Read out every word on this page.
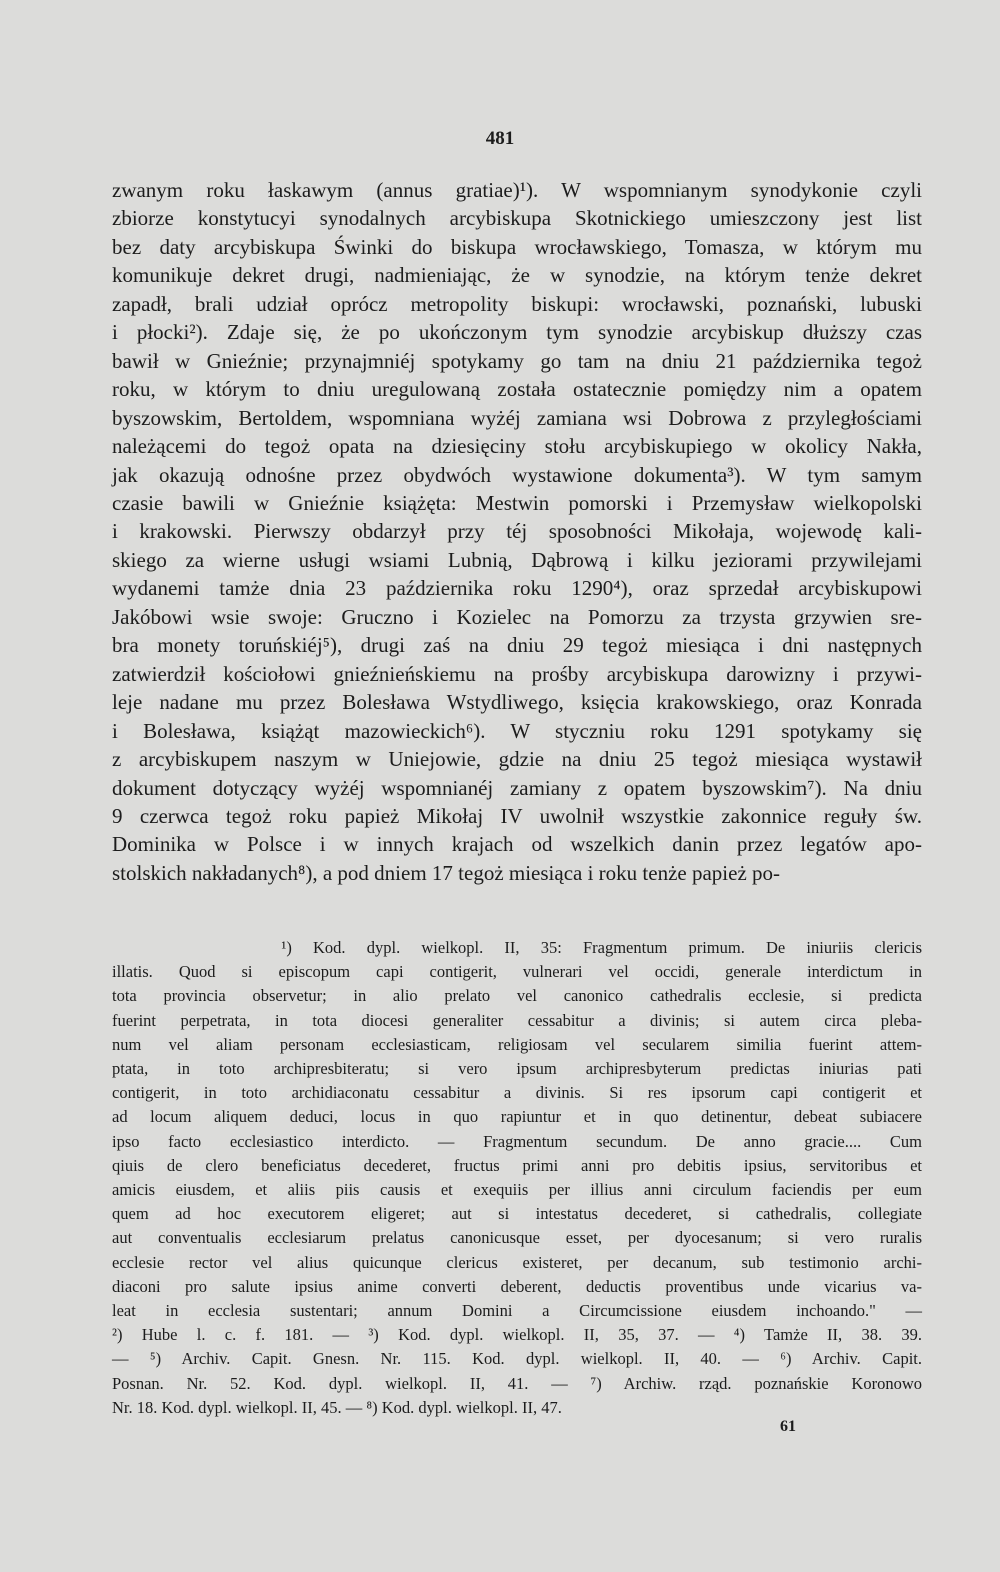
481
zwanym roku łaskawym (annus gratiae)¹). W wspomnianym synodykonie czyli
zbiorze konstytucyi synodalnych arcybiskupa Skotnickiego umieszczony jest list
bez daty arcybiskupa Świnki do biskupa wrocławskiego, Tomasza, w którym mu
komunikuje dekret drugi, nadmieniając, że w synodzie, na którym tenże dekret
zapadł, brali udział oprócz metropolity biskupi: wrocławski, poznański, lubuski
i płocki²). Zdaje się, że po ukończonym tym synodzie arcybiskup dłuższy czas
bawił w Gnieźnie; przynajmniéj spotykamy go tam na dniu 21 października tegoż
roku, w którym to dniu uregulowaną została ostatecznie pomiędzy nim a opatem
byszowskim, Bertoldem, wspomniana wyżéj zamiana wsi Dobrowa z przyległościami
należącemi do tegoż opata na dziesięciny stołu arcybiskupiego w okolicy Nakła,
jak okazują odnośne przez obydwóch wystawione dokumenta³). W tym samym
czasie bawili w Gnieźnie książęta: Mestwin pomorski i Przemysław wielkopolski
i krakowski. Pierwszy obdarzył przy téj sposobności Mikołaja, wojewodę kali-
skiego za wierne usługi wsiami Lubnią, Dąbrową i kilku jeziorami przywilejami
wydanemi tamże dnia 23 października roku 1290⁴), oraz sprzedał arcybiskupowi
Jakóbowi wsie swoje: Gruczno i Kozielec na Pomorzu za trzysta grzywien sre-
bra monety toruńskiéj⁵), drugi zaś na dniu 29 tegoż miesiąca i dni następnych
zatwierdził kościołowi gnieźnieńskiemu na prośby arcybiskupa darowizny i przywi-
leje nadane mu przez Bolesława Wstydliwego, księcia krakowskiego, oraz Konrada
i Bolesława, książąt mazowieckich⁶). W styczniu roku 1291 spotykamy się
z arcybiskupem naszym w Uniejowie, gdzie na dniu 25 tegoż miesiąca wystawił
dokument dotyczący wyżéj wspomnianéj zamiany z opatem byszowskim⁷). Na dniu
9 czerwca tegoż roku papież Mikołaj IV uwolnił wszystkie zakonnice reguły św.
Dominika w Polsce i w innych krajach od wszelkich danin przez legatów apo-
stolskich nakładanych⁸), a pod dniem 17 tegoż miesiąca i roku tenże papież po-
¹) Kod. dypl. wielkopl. II, 35: Fragmentum primum. De iniuriis clericis
illatis. Quod si episcopum capi contigerit, vulnerari vel occidi, generale interdictum in
tota provincia observetur; in alio prelato vel canonico cathedralis ecclesie, si predicta
fuerint perpetrata, in tota diocesi generaliter cessabitur a divinis; si autem circa pleba-
num vel aliam personam ecclesiasticam, religiosam vel secularem similia fuerint attem-
ptata, in toto archipresbiteratu; si vero ipsum archipresbyterum predictas iniurias pati
contigerit, in toto archidiaconatu cessabitur a divinis. Si res ipsorum capi contigerit et
ad locum aliquem deduci, locus in quo rapiuntur et in quo detinentur, debeat subiacere
ipso facto ecclesiastico interdicto. — Fragmentum secundum. De anno gracie.... Cum
qiuis de clero beneficiatus decederet, fructus primi anni pro debitis ipsius, servitoribus et
amicis eiusdem, et aliis piis causis et exequiis per illius anni circulum faciendis per eum
quem ad hoc executorem eligeret; aut si intestatus decederet, si cathedralis, collegiate
aut conventualis ecclesiarum prelatus canonicusque esset, per dyocesanum; si vero ruralis
ecclesie rector vel alius quicunque clericus existeret, per decanum, sub testimonio archi-
diaconi pro salute ipsius anime converti deberent, deductis proventibus unde vicarius va-
leat in ecclesia sustentari; annum Domini a Circumcissione eiusdem inchoando." —
²) Hube l. c. f. 181. — ³) Kod. dypl. wielkopl. II, 35, 37. — ⁴) Tamże II, 38. 39.
— ⁵) Archiv. Capit. Gnesn. Nr. 115. Kod. dypl. wielkopl. II, 40. — ⁶) Archiv. Capit.
Posnan. Nr. 52. Kod. dypl. wielkopl. II, 41. — ⁷) Archiw. rząd. poznańskie Koronowo
Nr. 18. Kod. dypl. wielkopl. II, 45. — ⁸) Kod. dypl. wielkopl. II, 47.
61
